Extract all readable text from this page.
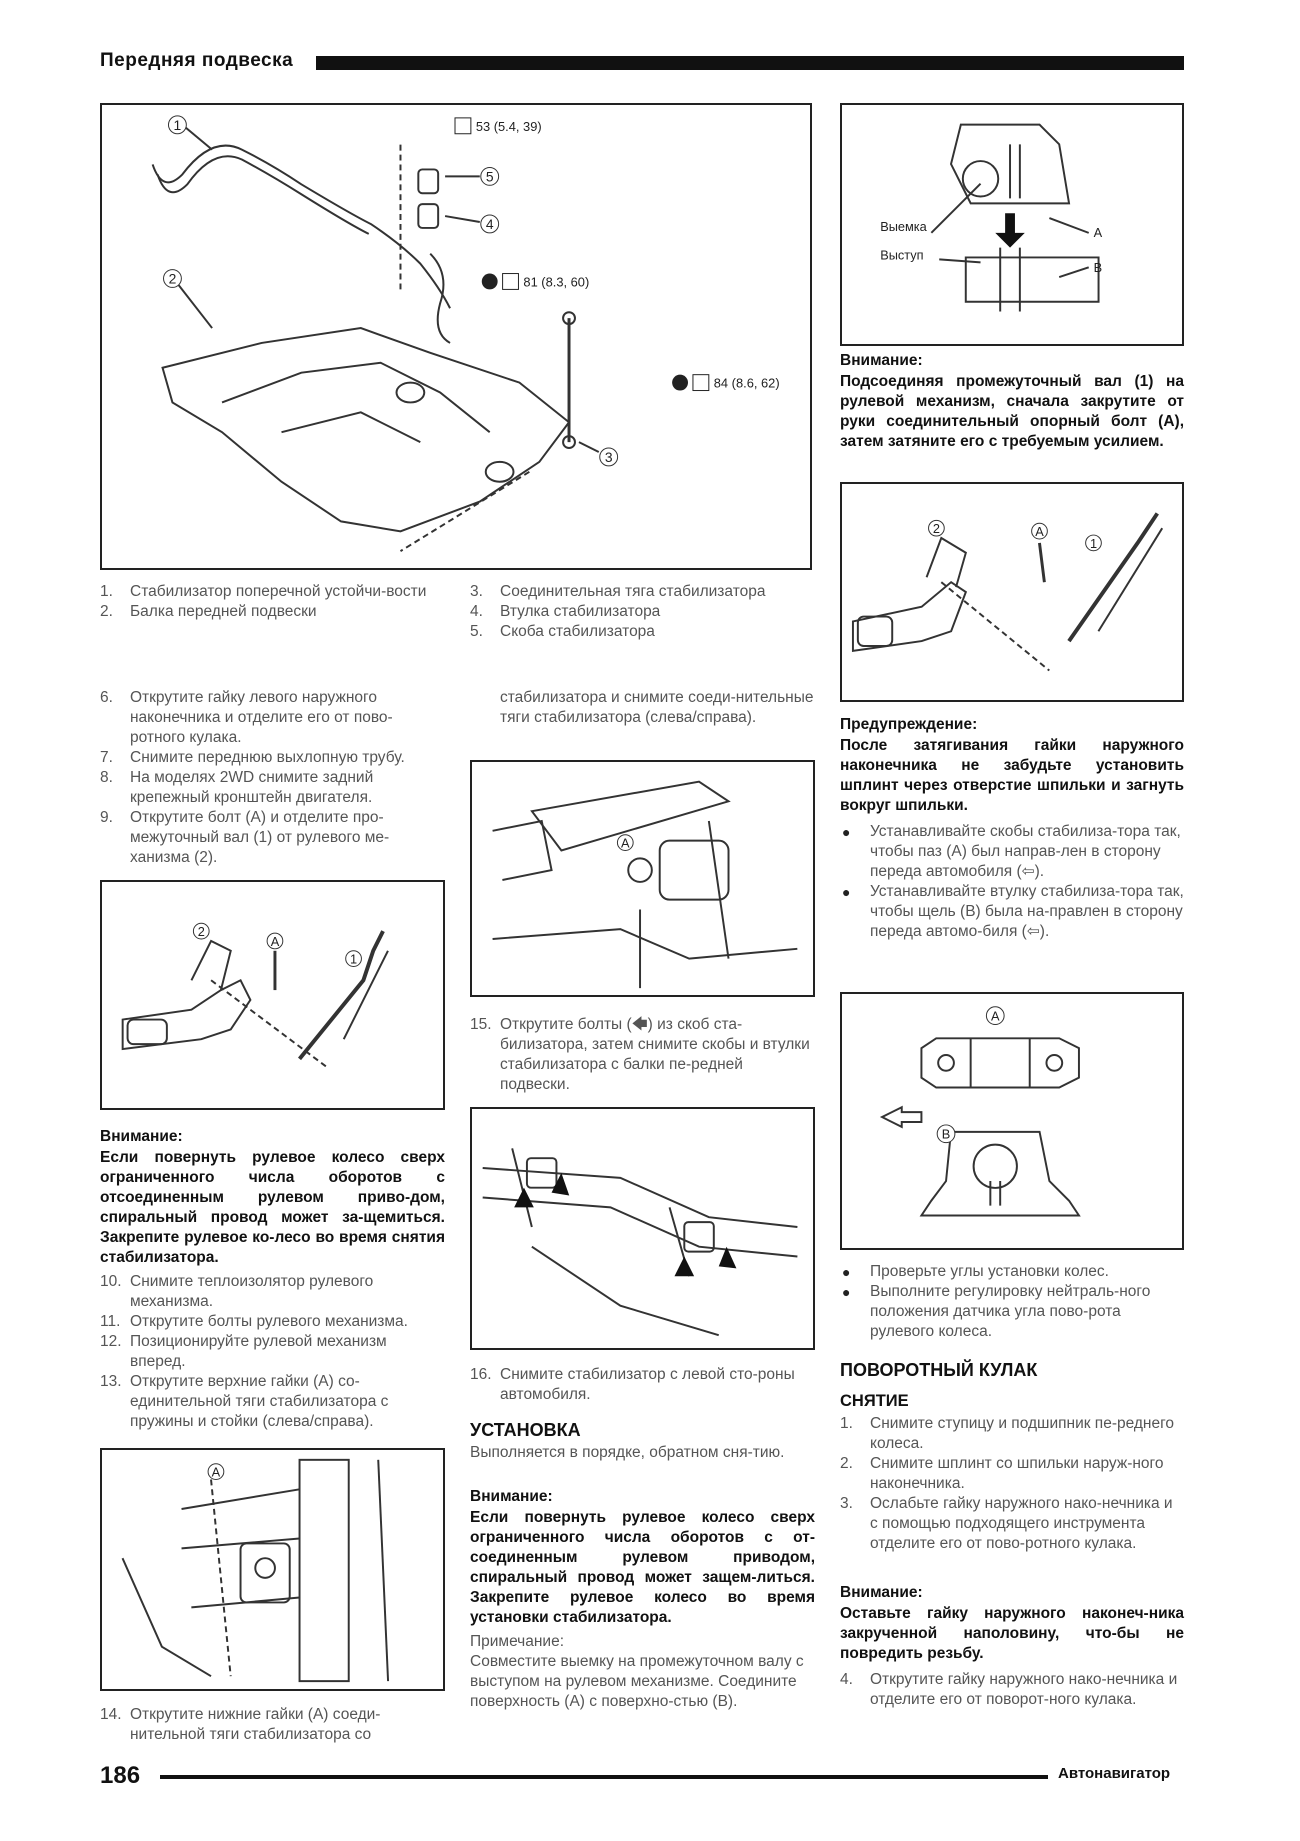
Передняя подвеска
1
2
3
4
5
53 (5.4, 39)
81 (8.3, 60)
84 (8.6, 62)
1. Стабилизатор поперечной устойчи-вости
2. Балка передней подвески
3. Соединительная тяга стабилизатора
4. Втулка стабилизатора
5. Скоба стабилизатора
6. Открутите гайку левого наружного наконечника и отделите его от пово-ротного кулака.
7. Снимите переднюю выхлопную трубу.
8. На моделях 2WD снимите задний крепежный кронштейн двигателя.
9. Открутите болт (А) и отделите про-межуточный вал (1) от рулевого ме-ханизма (2).
2
A
1
Внимание:
Если повернуть рулевое колесо сверх ограниченного числа оборотов с отсоединенным рулевом приво-дом, спиральный провод может за-щемиться. Закрепите рулевое ко-лесо во время снятия стабилизатора.
10. Снимите теплоизолятор рулевого механизма.
11. Открутите болты рулевого механизма.
12. Позиционируйте рулевой механизм вперед.
13. Открутите верхние гайки (А) со-единительной тяги стабилизатора с пружины и стойки (слева/справа).
A
14. Открутите нижние гайки (А) соеди-нительной тяги стабилизатора со
стабилизатора и снимите соеди-нительные тяги стабилизатора (слева/справа).
A
15. Открутите болты (🡄) из скоб ста-билизатора, затем снимите скобы и втулки стабилизатора с балки пе-редней подвески.
16. Снимите стабилизатор с левой сто-роны автомобиля.
УСТАНОВКА
Выполняется в порядке, обратном сня-тию.
Внимание:
Если повернуть рулевое колесо сверх ограниченного числа оборотов с от-соединенным рулевом приводом, спиральный провод может защем-литься. Закрепите рулевое колесо во время установки стабилизатора.
Примечание:
Совместите выемку на промежуточном валу с выступом на рулевом механизме. Соедините поверхность (А) с поверхно-стью (В).
Выемка
Выступ
A
B
Внимание:
Подсоединяя промежуточный вал (1) на рулевой механизм, сначала закрутите от руки соединительный опорный болт (А), затем затяните его с требуемым усилием.
2	A
1
Предупреждение:
После затягивания гайки наружного наконечника не забудьте установить шплинт через отверстие шпильки и загнуть вокруг шпильки.
● Устанавливайте скобы стабилиза-тора так, чтобы паз (А) был направ-лен в сторону переда автомобиля (⇦).
● Устанавливайте втулку стабилиза-тора так, чтобы щель (В) была на-правлен в сторону переда автомо-биля (⇦).
A
B
● Проверьте углы установки колес.
● Выполните регулировку нейтраль-ного положения датчика угла пово-рота рулевого колеса.
ПОВОРОТНЫЙ КУЛАК
СНЯТИЕ
1. Снимите ступицу и подшипник пе-реднего колеса.
2. Снимите шплинт со шпильки наруж-ного наконечника.
3. Ослабьте гайку наружного нако-нечника и с помощью подходящего инструмента отделите его от пово-ротного кулака.
Внимание:
Оставьте гайку наружного наконеч-ника закрученной наполовину, что-бы не повредить резьбу.
4. Открутите гайку наружного нако-нечника и отделите его от поворот-ного кулака.
186	Автонавигатор
